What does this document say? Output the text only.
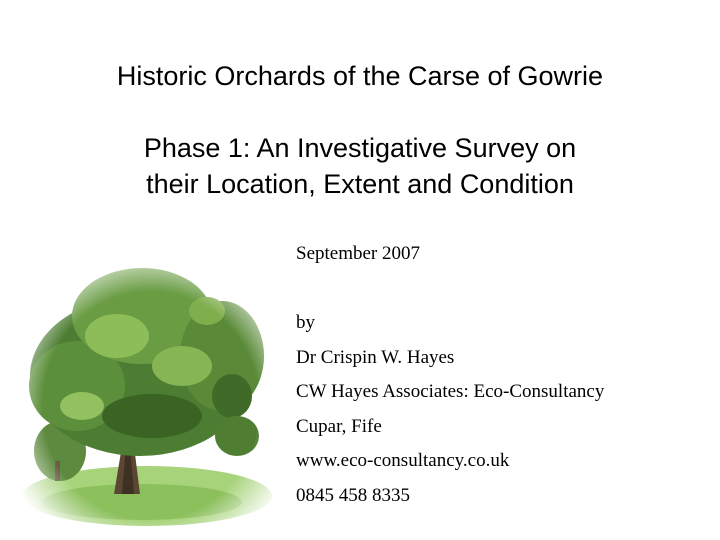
Historic Orchards of the Carse of Gowrie
Phase 1: An Investigative Survey on
their Location, Extent and Condition
September 2007
by
Dr Crispin W. Hayes
CW Hayes Associates: Eco-Consultancy
Cupar, Fife
www.eco-consultancy.co.uk
0845 458 8335
